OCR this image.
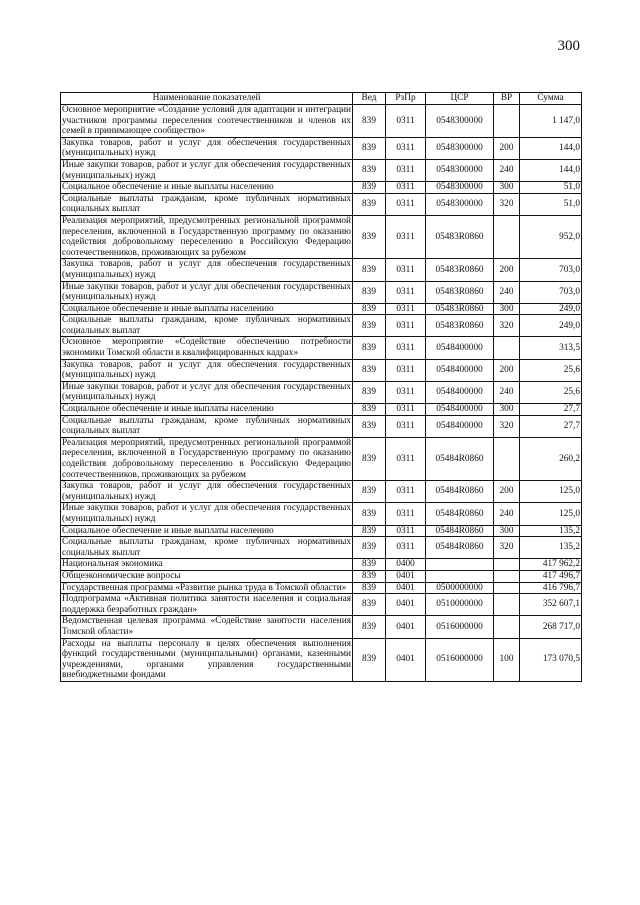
300
Наименование показателей	Вед	РзПр	ЦСР	ВР	Сумма
Основное мероприятие «Создание условий для адаптации и интеграции участников программы переселения соотечественников и членов их семей в принимающее сообщество»	839	0311	0548300000		1 147,0
Закупка товаров, работ и услуг для обеспечения государственных (муниципальных) нужд	839	0311	0548300000	200	144,0
Иные закупки товаров, работ и услуг для обеспечения государственных (муниципальных) нужд	839	0311	0548300000	240	144,0
Социальное обеспечение и иные выплаты населению	839	0311	0548300000	300	51,0
Социальные выплаты гражданам, кроме публичных нормативных социальных выплат	839	0311	0548300000	320	51,0
Реализация мероприятий, предусмотренных региональной программой переселения, включенной в Государственную программу по оказанию содействия добровольному переселению в Российскую Федерацию соотечественников, проживающих за рубежом	839	0311	05483R0860		952,0
Закупка товаров, работ и услуг для обеспечения государственных (муниципальных) нужд	839	0311	05483R0860	200	703,0
Иные закупки товаров, работ и услуг для обеспечения государственных (муниципальных) нужд	839	0311	05483R0860	240	703,0
Социальное обеспечение и иные выплаты населению	839	0311	05483R0860	300	249,0
Социальные выплаты гражданам, кроме публичных нормативных социальных выплат	839	0311	05483R0860	320	249,0
Основное мероприятие «Содействие обеспечению потребности экономики Томской области в квалифицированных кадрах»	839	0311	0548400000		313,5
Закупка товаров, работ и услуг для обеспечения государственных (муниципальных) нужд	839	0311	0548400000	200	25,6
Иные закупки товаров, работ и услуг для обеспечения государственных (муниципальных) нужд	839	0311	0548400000	240	25,6
Социальное обеспечение и иные выплаты населению	839	0311	0548400000	300	27,7
Социальные выплаты гражданам, кроме публичных нормативных социальных выплат	839	0311	0548400000	320	27,7
Реализация мероприятий, предусмотренных региональной программой переселения, включенной в Государственную программу по оказанию содействия добровольному переселению в Российскую Федерацию соотечественников, проживающих за рубежом	839	0311	05484R0860		260,2
Закупка товаров, работ и услуг для обеспечения государственных (муниципальных) нужд	839	0311	05484R0860	200	125,0
Иные закупки товаров, работ и услуг для обеспечения государственных (муниципальных) нужд	839	0311	05484R0860	240	125,0
Социальное обеспечение и иные выплаты населению	839	0311	05484R0860	300	135,2
Социальные выплаты гражданам, кроме публичных нормативных социальных выплат	839	0311	05484R0860	320	135,2
Национальная экономика	839	0400			417 962,2
Общеэкономические вопросы	839	0401			417 496,7
Государственная программа «Развитие рынка труда в Томской области»	839	0401	0500000000		416 796,7
Подпрограмма «Активная политика занятости населения и социальная поддержка безработных граждан»	839	0401	0510000000		352 607,1
Ведомственная целевая программа «Содействие занятости населения Томской области»	839	0401	0516000000		268 717,0
Расходы на выплаты персоналу в целях обеспечения выполнения функций государственными (муниципальными) органами, казенными учреждениями, органами управления государственными внебюджетными фондами	839	0401	0516000000	100	173 070,5
